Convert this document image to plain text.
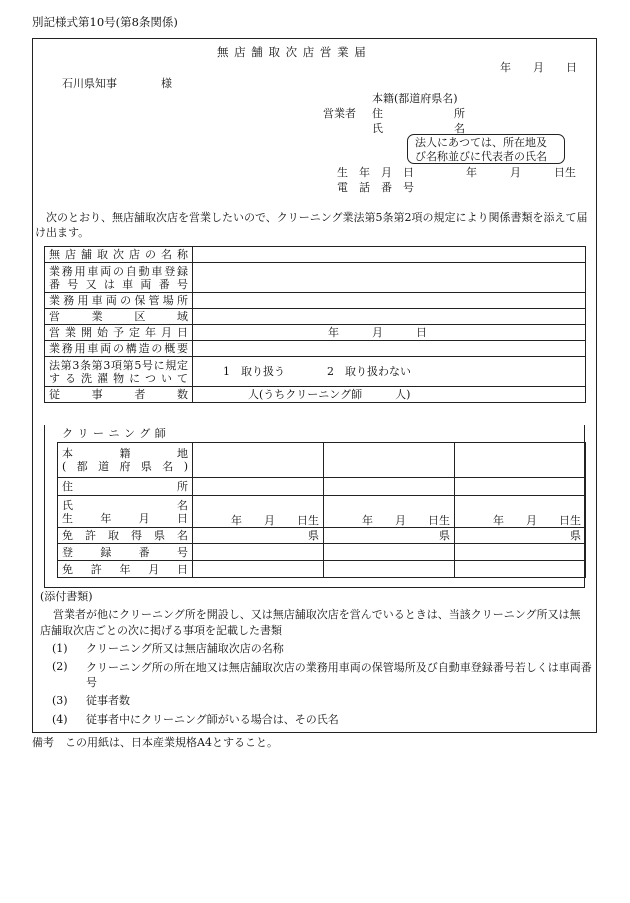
別記様式第10号(第8条関係)
無 店 舗 取 次 店 営 業 届
年　　月　　日
石川県知事　　　　様
本籍(都道府県名)
営業者 住	所
氏	名
法人にあつては、所在地及
び名称並びに代表者の氏名
生　年　月　日	年　　　月　　　日生
電　話　番　号
次のとおり、無店舗取次店を営業したいので、クリーニング業法第5条第2項の規定により関係書類を添えて届け出ます。
無店舗取次店の名称	

業務用車両の自動車登録
番号又は車両番号	

業務用車両の保管場所	
営業区域	
営業開始予定年月日	年　　　月　　　日
業務用車両の構造の概要	

法第3条第3項第5号に規定
する洗濯物について	1　取り扱う 2　取り扱わない
従事者数	人(うちクリーニング師　　　人)
クリーニング師
本籍地
(都道府県名)			

住所			

氏名
生年月日	年　　月　　日生	年　　月　　日生	年　　月　　日生
免許取得県名	県	県	県
登録番号			
免許年月日			
(添付書類)
営業者が他にクリーニング所を開設し、又は無店舗取次店を営んでいるときは、当該クリーニング所又は無店舗取次店ごとの次に掲げる事項を記載した書類
(1) クリーニング所又は無店舗取次店の名称
(2) クリーニング所の所在地又は無店舗取次店の業務用車両の保管場所及び自動車登録番号若しくは車両番号
(3) 従事者数
(4) 従事者中にクリーニング師がいる場合は、その氏名
備考　この用紙は、日本産業規格A4とすること。
